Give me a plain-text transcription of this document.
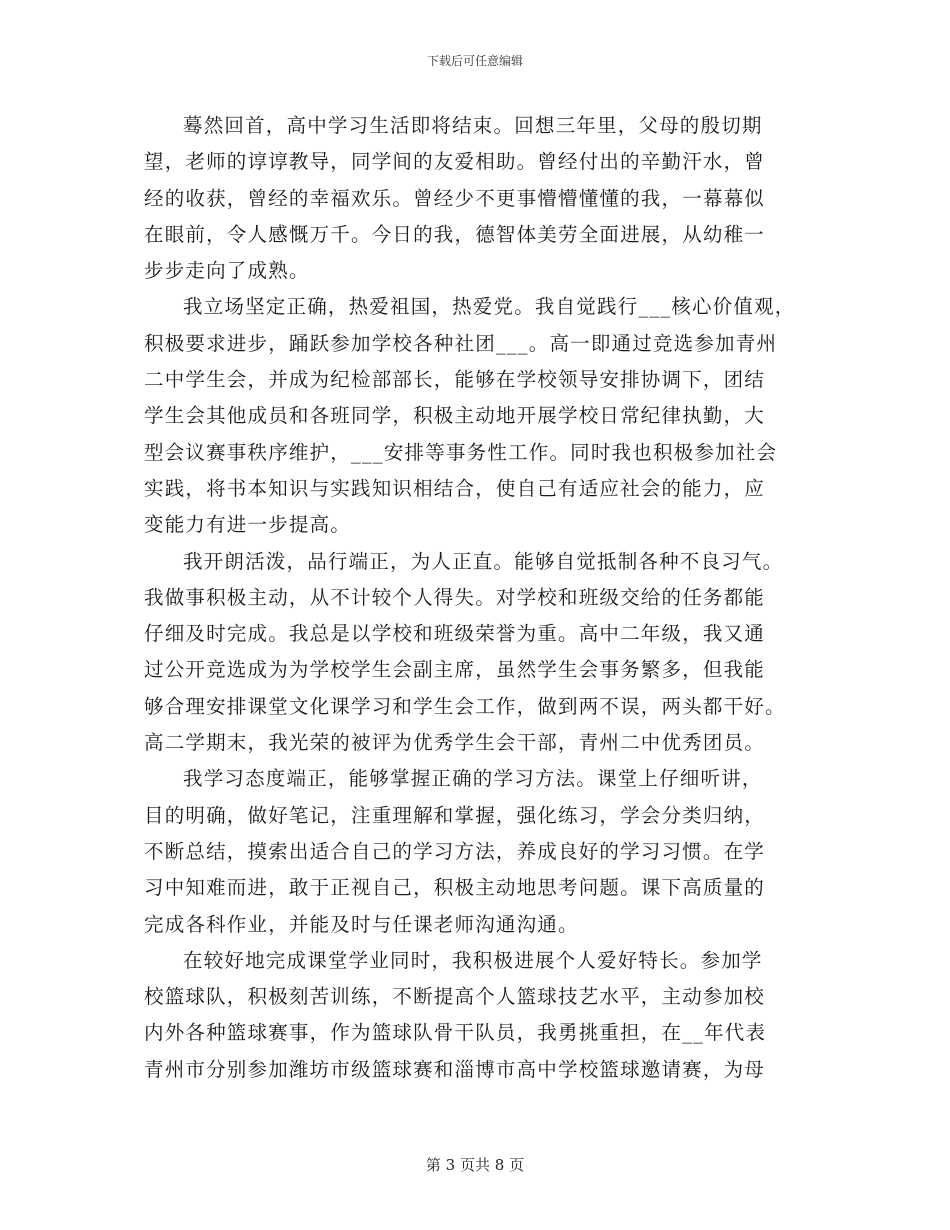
下载后可任意编辑

蓦然回首，高中学习生活即将结束。回想三年里，父母的殷切期

望，老师的谆谆教导，同学间的友爱相助。曾经付出的辛勤汗水，曾

经的收获，曾经的幸福欢乐。曾经少不更事懵懵懂懂的我，一幕幕似

在眼前，令人感慨万千。今日的我，德智体美劳全面进展，从幼稚一

步步走向了成熟。

我立场坚定正确，热爱祖国，热爱党。我自觉践行___核心价值观，

积极要求进步，踊跃参加学校各种社团___。高一即通过竞选参加青州

二中学生会，并成为纪检部部长，能够在学校领导安排协调下，团结

学生会其他成员和各班同学，积极主动地开展学校日常纪律执勤，大

型会议赛事秩序维护，___安排等事务性工作。同时我也积极参加社会

实践，将书本知识与实践知识相结合，使自己有适应社会的能力，应

变能力有进一步提高。

我开朗活泼，品行端正，为人正直。能够自觉抵制各种不良习气。

我做事积极主动，从不计较个人得失。对学校和班级交给的任务都能

仔细及时完成。我总是以学校和班级荣誉为重。高中二年级，我又通

过公开竞选成为为学校学生会副主席，虽然学生会事务繁多，但我能

够合理安排课堂文化课学习和学生会工作，做到两不误，两头都干好。

高二学期末，我光荣的被评为优秀学生会干部，青州二中优秀团员。

我学习态度端正，能够掌握正确的学习方法。课堂上仔细听讲，

目的明确，做好笔记，注重理解和掌握，强化练习，学会分类归纳，

不断总结，摸索出适合自己的学习方法，养成良好的学习习惯。在学

习中知难而进，敢于正视自己，积极主动地思考问题。课下高质量的

完成各科作业，并能及时与任课老师沟通沟通。

在较好地完成课堂学业同时，我积极进展个人爱好特长。参加学

校篮球队，积极刻苦训练，不断提高个人篮球技艺水平，主动参加校

内外各种篮球赛事，作为篮球队骨干队员，我勇挑重担，在__年代表

青州市分别参加潍坊市级篮球赛和淄博市高中学校篮球邀请赛，为母

第 3 页共 8 页
